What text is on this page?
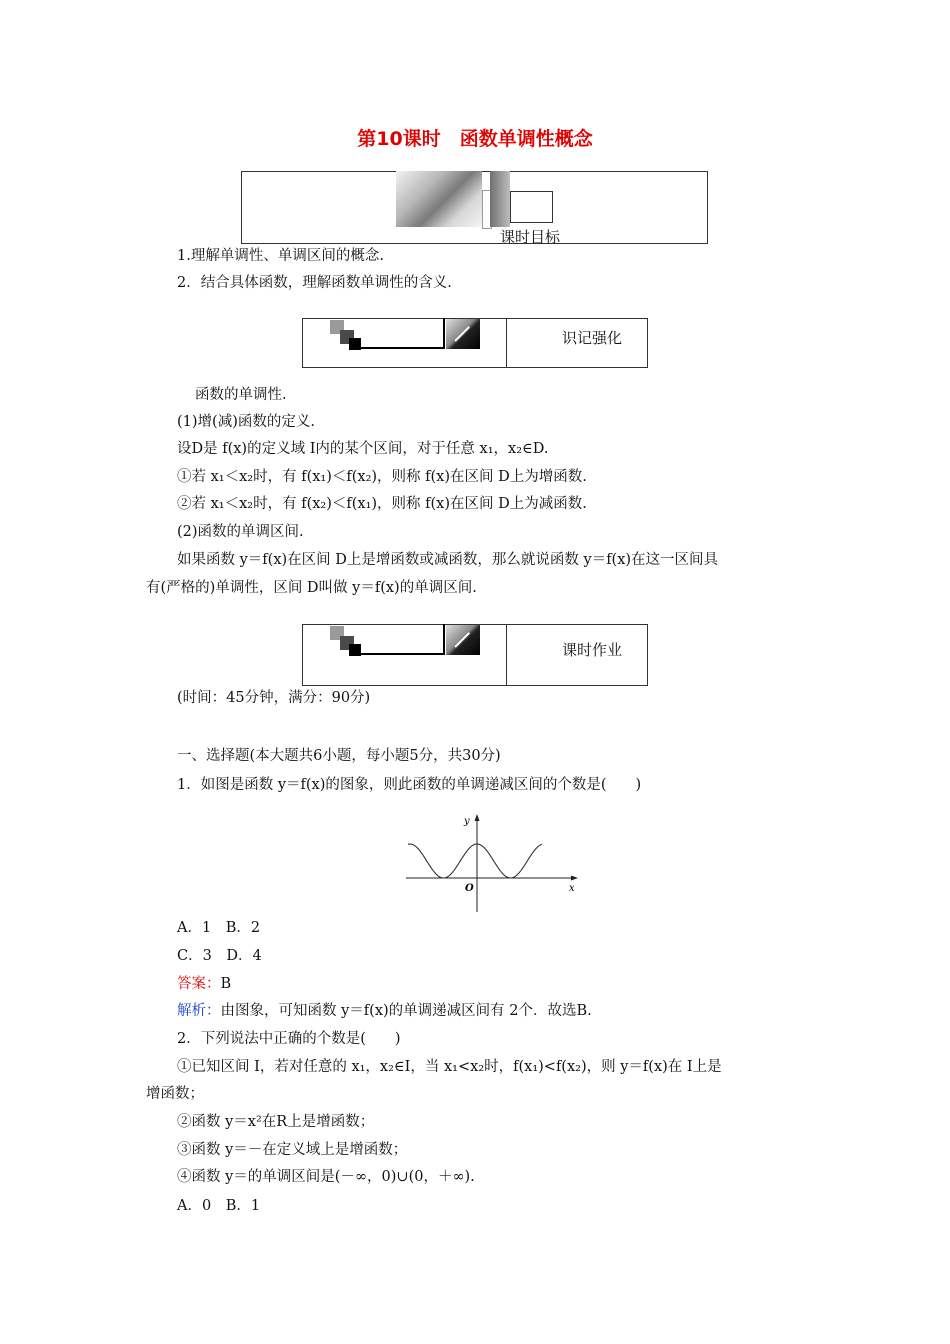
第10课时　函数单调性概念
课时目标
1.理解单调性、单调区间的概念.
2．结合具体函数，理解函数单调性的含义.
识记强化
函数的单调性.
(1)增(减)函数的定义.
设D是 f(x)的定义域 I内的某个区间，对于任意 x₁，x₂∈D.
①若 x₁＜x₂时，有 f(x₁)＜f(x₂)，则称 f(x)在区间 D上为增函数.
②若 x₁＜x₂时，有 f(x₂)＜f(x₁)，则称 f(x)在区间 D上为减函数.
(2)函数的单调区间.
如果函数 y＝f(x)在区间 D上是增函数或减函数，那么就说函数 y＝f(x)在这一区间具
有(严格的)单调性，区间 D叫做 y＝f(x)的单调区间.
课时作业
(时间：45分钟，满分：90分)
一、选择题(本大题共6小题，每小题5分，共30分)
1．如图是函数 y＝f(x)的图象，则此函数的单调递减区间的个数是(　　)
y
x
O
A．1　B．2
C．3　D．4
答案：B
解析：由图象，可知函数 y＝f(x)的单调递减区间有 2个．故选B.
2．下列说法中正确的个数是(　　)
①已知区间 I，若对任意的 x₁，x₂∈I，当 x₁<x₂时，f(x₁)<f(x₂)，则 y＝f(x)在 I上是
增函数；
②函数 y＝x²在R上是增函数；
③函数 y＝－在定义域上是增函数；
④函数 y＝的单调区间是(－∞，0)∪(0，＋∞).
A．0　B．1
